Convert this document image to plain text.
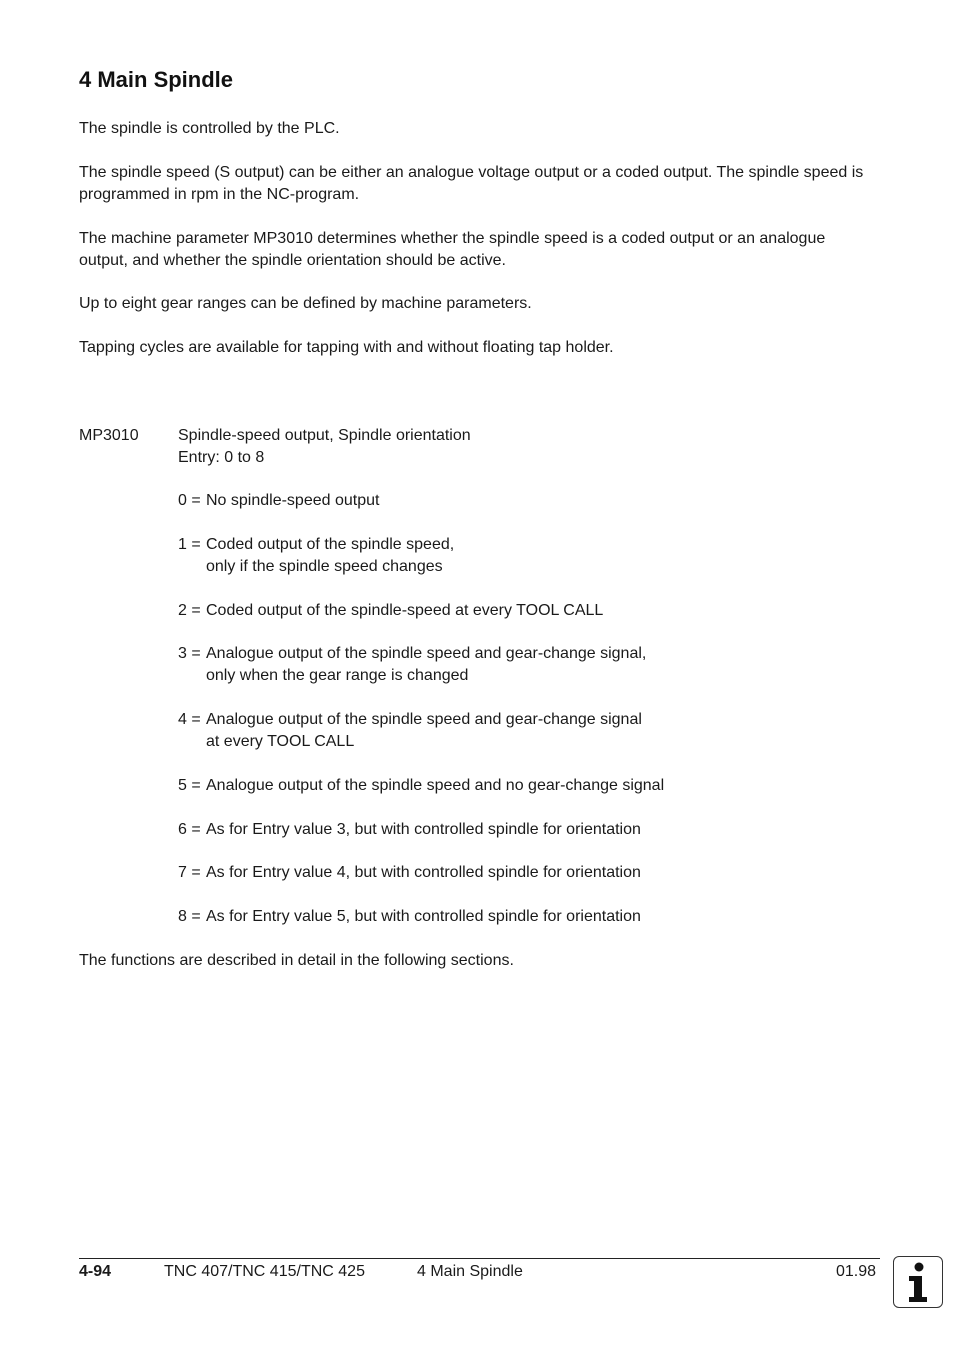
4 Main Spindle

The spindle is controlled by the PLC.

The spindle speed (S output) can be either an analogue voltage output or a coded output. The spindle speed is programmed in rpm in the NC-program.

The machine parameter MP3010 determines whether the spindle speed is a coded output or an analogue output, and whether the spindle orientation should be active.

Up to eight gear ranges can be defined by machine parameters.

Tapping cycles are available for tapping with and without floating tap holder.

MP3010 Spindle-speed output, Spindle orientation
Entry: 0 to 8
0 = No spindle-speed output
1 = Coded output of the spindle speed,
only if the spindle speed changes
2 = Coded output of the spindle-speed at every TOOL CALL
3 = Analogue output of the spindle speed and gear-change signal,
only when the gear range is changed
4 = Analogue output of the spindle speed and gear-change signal
at every TOOL CALL
5 = Analogue output of the spindle speed and no gear-change signal
6 = As for Entry value 3, but with controlled spindle for orientation
7 = As for Entry value 4, but with controlled spindle for orientation
8 = As for Entry value 5, but with controlled spindle for orientation

The functions are described in detail in the following sections.

4-94	TNC 407/TNC 415/TNC 425	4 Main Spindle	01.98
